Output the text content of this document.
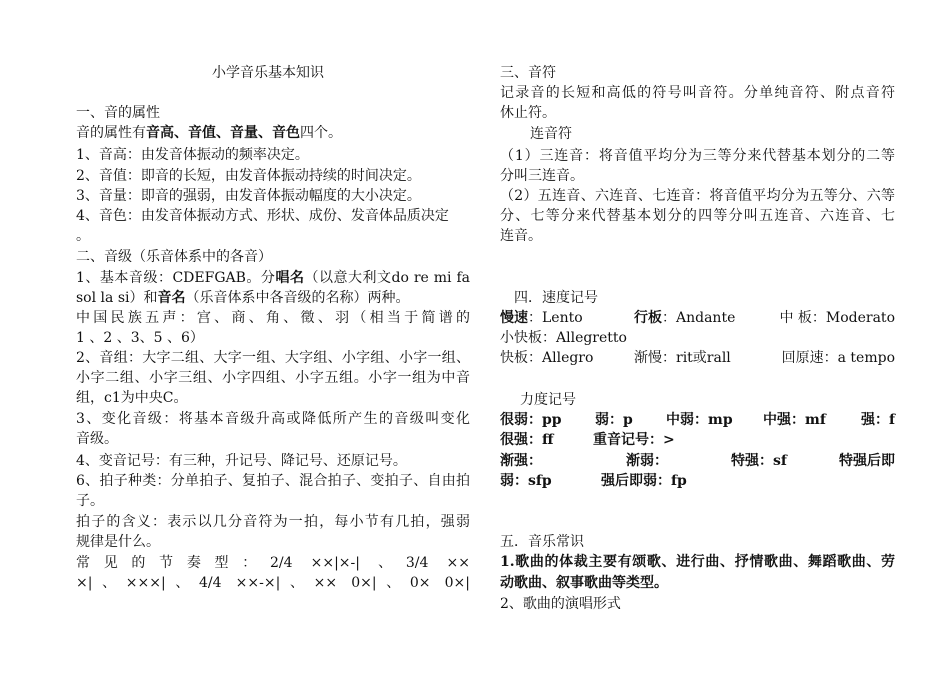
小学音乐基本知识
一、音的属性
音的属性有音高、音值、音量、音色四个。
1、音高：由发音体振动的频率决定。
2、音值：即音的长短，由发音体振动持续的时间决定。
3、音量：即音的强弱，由发音体振动幅度的大小决定。
4、音色：由发音体振动方式、形状、成份、发音体品质决定
。
二、音级（乐音体系中的各音）
1、基本音级：CDEFGAB。分唱名（以意大利文do re mi fa
sol la si）和音名（乐音体系中各音级的名称）两种。
中国民族五声：宫、商、角、徵、羽（相当于简谱的
1 、2 、3、5 、6）
2、音组：大字二组、大字一组、大字组、小字组、小字一组、
小字二组、小字三组、小字四组、小字五组。小字一组为中音
组，c1为中央C。
3、变化音级：将基本音级升高或降低所产生的音级叫变化
音级。
4、变音记号：有三种，升记号、降记号、还原记号。
6、拍子种类：分单拍子、复拍子、混合拍子、变拍子、自由拍
子。
拍子的含义：表示以几分音符为一拍，每小节有几拍，强弱
规律是什么。
常见的节奏型：2/4 ××|×-| 、3/4 ××
×|、×××|、4/4 ××-×|、×× 0×|、0× 0×|
三、音符
记录音的长短和高低的符号叫音符。分单纯音符、附点音符
休止符。
连音符
（1）三连音：将音值平均分为三等分来代替基本划分的二等
分叫三连音。
（2）五连音、六连音、七连音：将音值平均分为五等分、六等
分、七等分来代替基本划分的四等分叫五连音、六连音、七
连音。
四．速度记号
慢速：Lento	行板：Andante	中 板：Moderato
小快板：Allegretto
快板：Allegro	渐慢：rit或rall	回原速：a tempo
力度记号
很弱：pp 弱：p 中弱：mp 中强：mf	强：f
很强：ff	重音记号：>
渐强：	渐弱：	特强：sf	特强后即
弱：sfp	强后即弱：fp
五．音乐常识
1.歌曲的体裁主要有颂歌、进行曲、抒情歌曲、舞蹈歌曲、劳
动歌曲、叙事歌曲等类型。
2、歌曲的演唱形式
